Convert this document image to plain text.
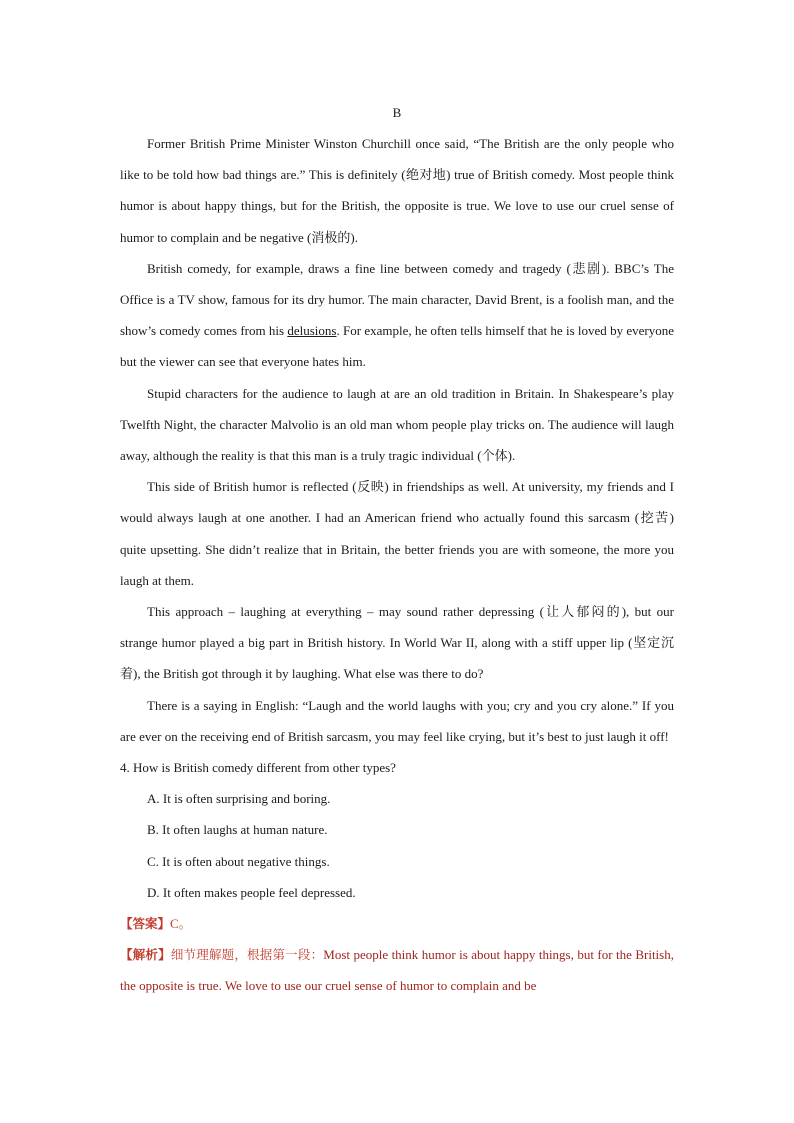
B

Former British Prime Minister Winston Churchill once said, “The British are the only people who like to be told how bad things are.” This is definitely (绝对地) true of British comedy. Most people think humor is about happy things, but for the British, the opposite is true. We love to use our cruel sense of humor to complain and be negative (消极的).

British comedy, for example, draws a fine line between comedy and tragedy (悲剧). BBC’s The Office is a TV show, famous for its dry humor. The main character, David Brent, is a foolish man, and the show’s comedy comes from his delusions. For example, he often tells himself that he is loved by everyone but the viewer can see that everyone hates him.

Stupid characters for the audience to laugh at are an old tradition in Britain. In Shakespeare’s play Twelfth Night, the character Malvolio is an old man whom people play tricks on. The audience will laugh away, although the reality is that this man is a truly tragic individual (个体).

This side of British humor is reflected (反映) in friendships as well. At university, my friends and I would always laugh at one another. I had an American friend who actually found this sarcasm (挖苦) quite upsetting. She didn’t realize that in Britain, the better friends you are with someone, the more you laugh at them.

This approach – laughing at everything – may sound rather depressing (让人郁闷的), but our strange humor played a big part in British history. In World War II, along with a stiff upper lip (坚定沉着), the British got through it by laughing. What else was there to do?

There is a saying in English: “Laugh and the world laughs with you; cry and you cry alone.” If you are ever on the receiving end of British sarcasm, you may feel like crying, but it’s best to just laugh it off!

4. How is British comedy different from other types?

A. It is often surprising and boring.

B. It often laughs at human nature.

C. It is often about negative things.

D. It often makes people feel depressed.

【答案】C。

【解析】细节理解题，根据第一段：Most people think humor is about happy things, but for the British, the opposite is true. We love to use our cruel sense of humor to complain and be
